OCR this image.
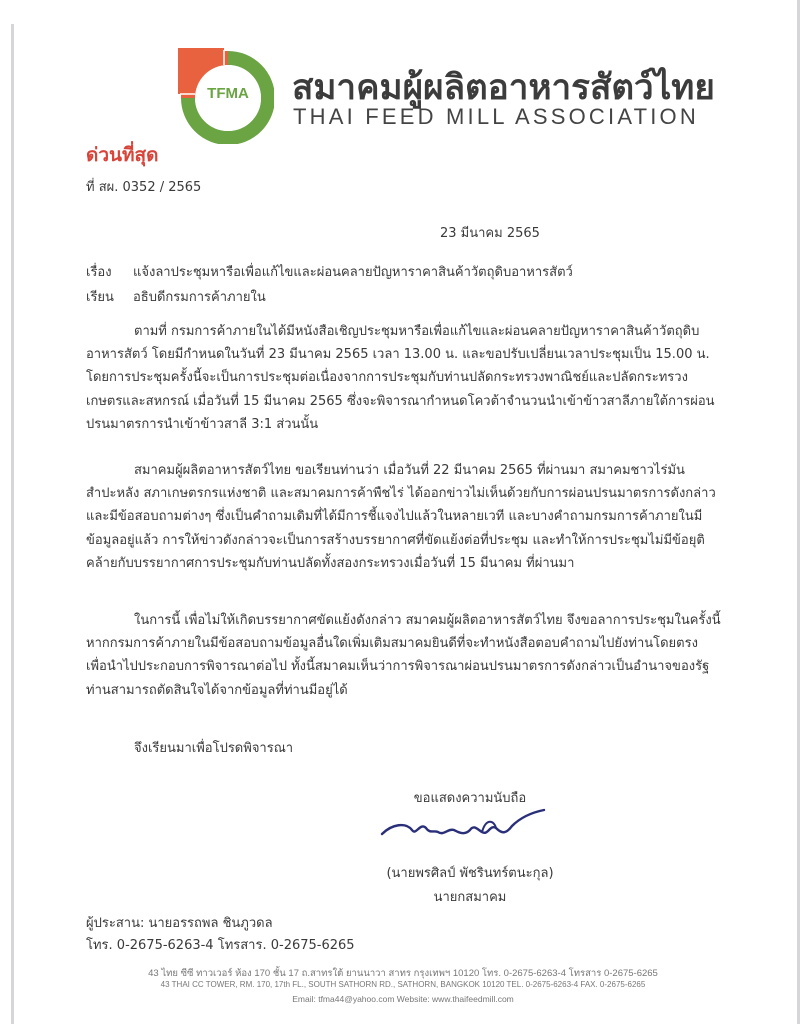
TFMA	สมาคมผู้ผลิตอาหารสัตว์ไทย
THAI FEED MILL ASSOCIATION
ด่วนที่สุด
ที่ สผ. 0352 / 2565
23 มีนาคม 2565
เรื่อง แจ้งลาประชุมหารือเพื่อแก้ไขและผ่อนคลายปัญหาราคาสินค้าวัตถุดิบอาหารสัตว์
เรียน อธิบดีกรมการค้าภายใน
ตามที่ กรมการค้าภายในได้มีหนังสือเชิญประชุมหารือเพื่อแก้ไขและผ่อนคลายปัญหาราคาสินค้าวัตถุดิบ
อาหารสัตว์ โดยมีกำหนดในวันที่ 23 มีนาคม 2565 เวลา 13.00 น. และขอปรับเปลี่ยนเวลาประชุมเป็น 15.00 น.
โดยการประชุมครั้งนี้จะเป็นการประชุมต่อเนื่องจากการประชุมกับท่านปลัดกระทรวงพาณิชย์และปลัดกระทรวง
เกษตรและสหกรณ์ เมื่อวันที่ 15 มีนาคม 2565 ซึ่งจะพิจารณากำหนดโควต้าจำนวนนำเข้าข้าวสาลีภายใต้การผ่อน
ปรนมาตรการนำเข้าข้าวสาลี 3:1 ส่วนนั้น
สมาคมผู้ผลิตอาหารสัตว์ไทย ขอเรียนท่านว่า เมื่อวันที่ 22 มีนาคม 2565 ที่ผ่านมา สมาคมชาวไร่มัน
สำปะหลัง สภาเกษตรกรแห่งชาติ และสมาคมการค้าพืชไร่ ได้ออกข่าวไม่เห็นด้วยกับการผ่อนปรนมาตรการดังกล่าว
และมีข้อสอบถามต่างๆ ซึ่งเป็นคำถามเดิมที่ได้มีการชี้แจงไปแล้วในหลายเวที และบางคำถามกรมการค้าภายในมี
ข้อมูลอยู่แล้ว การให้ข่าวดังกล่าวจะเป็นการสร้างบรรยากาศที่ขัดแย้งต่อที่ประชุม และทำให้การประชุมไม่มีข้อยุติ
คล้ายกับบรรยากาศการประชุมกับท่านปลัดทั้งสองกระทรวงเมื่อวันที่ 15 มีนาคม ที่ผ่านมา
ในการนี้ เพื่อไม่ให้เกิดบรรยากาศขัดแย้งดังกล่าว สมาคมผู้ผลิตอาหารสัตว์ไทย จึงขอลาการประชุมในครั้งนี้
หากกรมการค้าภายในมีข้อสอบถามข้อมูลอื่นใดเพิ่มเติมสมาคมยินดีที่จะทำหนังสือตอบคำถามไปยังท่านโดยตรง
เพื่อนำไปประกอบการพิจารณาต่อไป ทั้งนี้สมาคมเห็นว่าการพิจารณาผ่อนปรนมาตรการดังกล่าวเป็นอำนาจของรัฐ
ท่านสามารถตัดสินใจได้จากข้อมูลที่ท่านมีอยู่ได้
จึงเรียนมาเพื่อโปรดพิจารณา
ขอแสดงความนับถือ
(นายพรศิลป์ พัชรินทร์ตนะกุล)
นายกสมาคม
ผู้ประสาน: นายอรรถพล ชินภูวดล
โทร. 0-2675-6263-4 โทรสาร. 0-2675-6265
43 ไทย ซีซี ทาวเวอร์ ห้อง 170 ชั้น 17 ถ.สาทรใต้ ยานนาวา สาทร กรุงเทพฯ 10120 โทร. 0-2675-6263-4 โทรสาร 0-2675-6265
43 THAI CC TOWER, RM. 170, 17th FL., SOUTH SATHORN RD., SATHORN, BANGKOK 10120 TEL. 0-2675-6263-4 FAX. 0-2675-6265
Email: tfma44@yahoo.com Website: www.thaifeedmill.com
